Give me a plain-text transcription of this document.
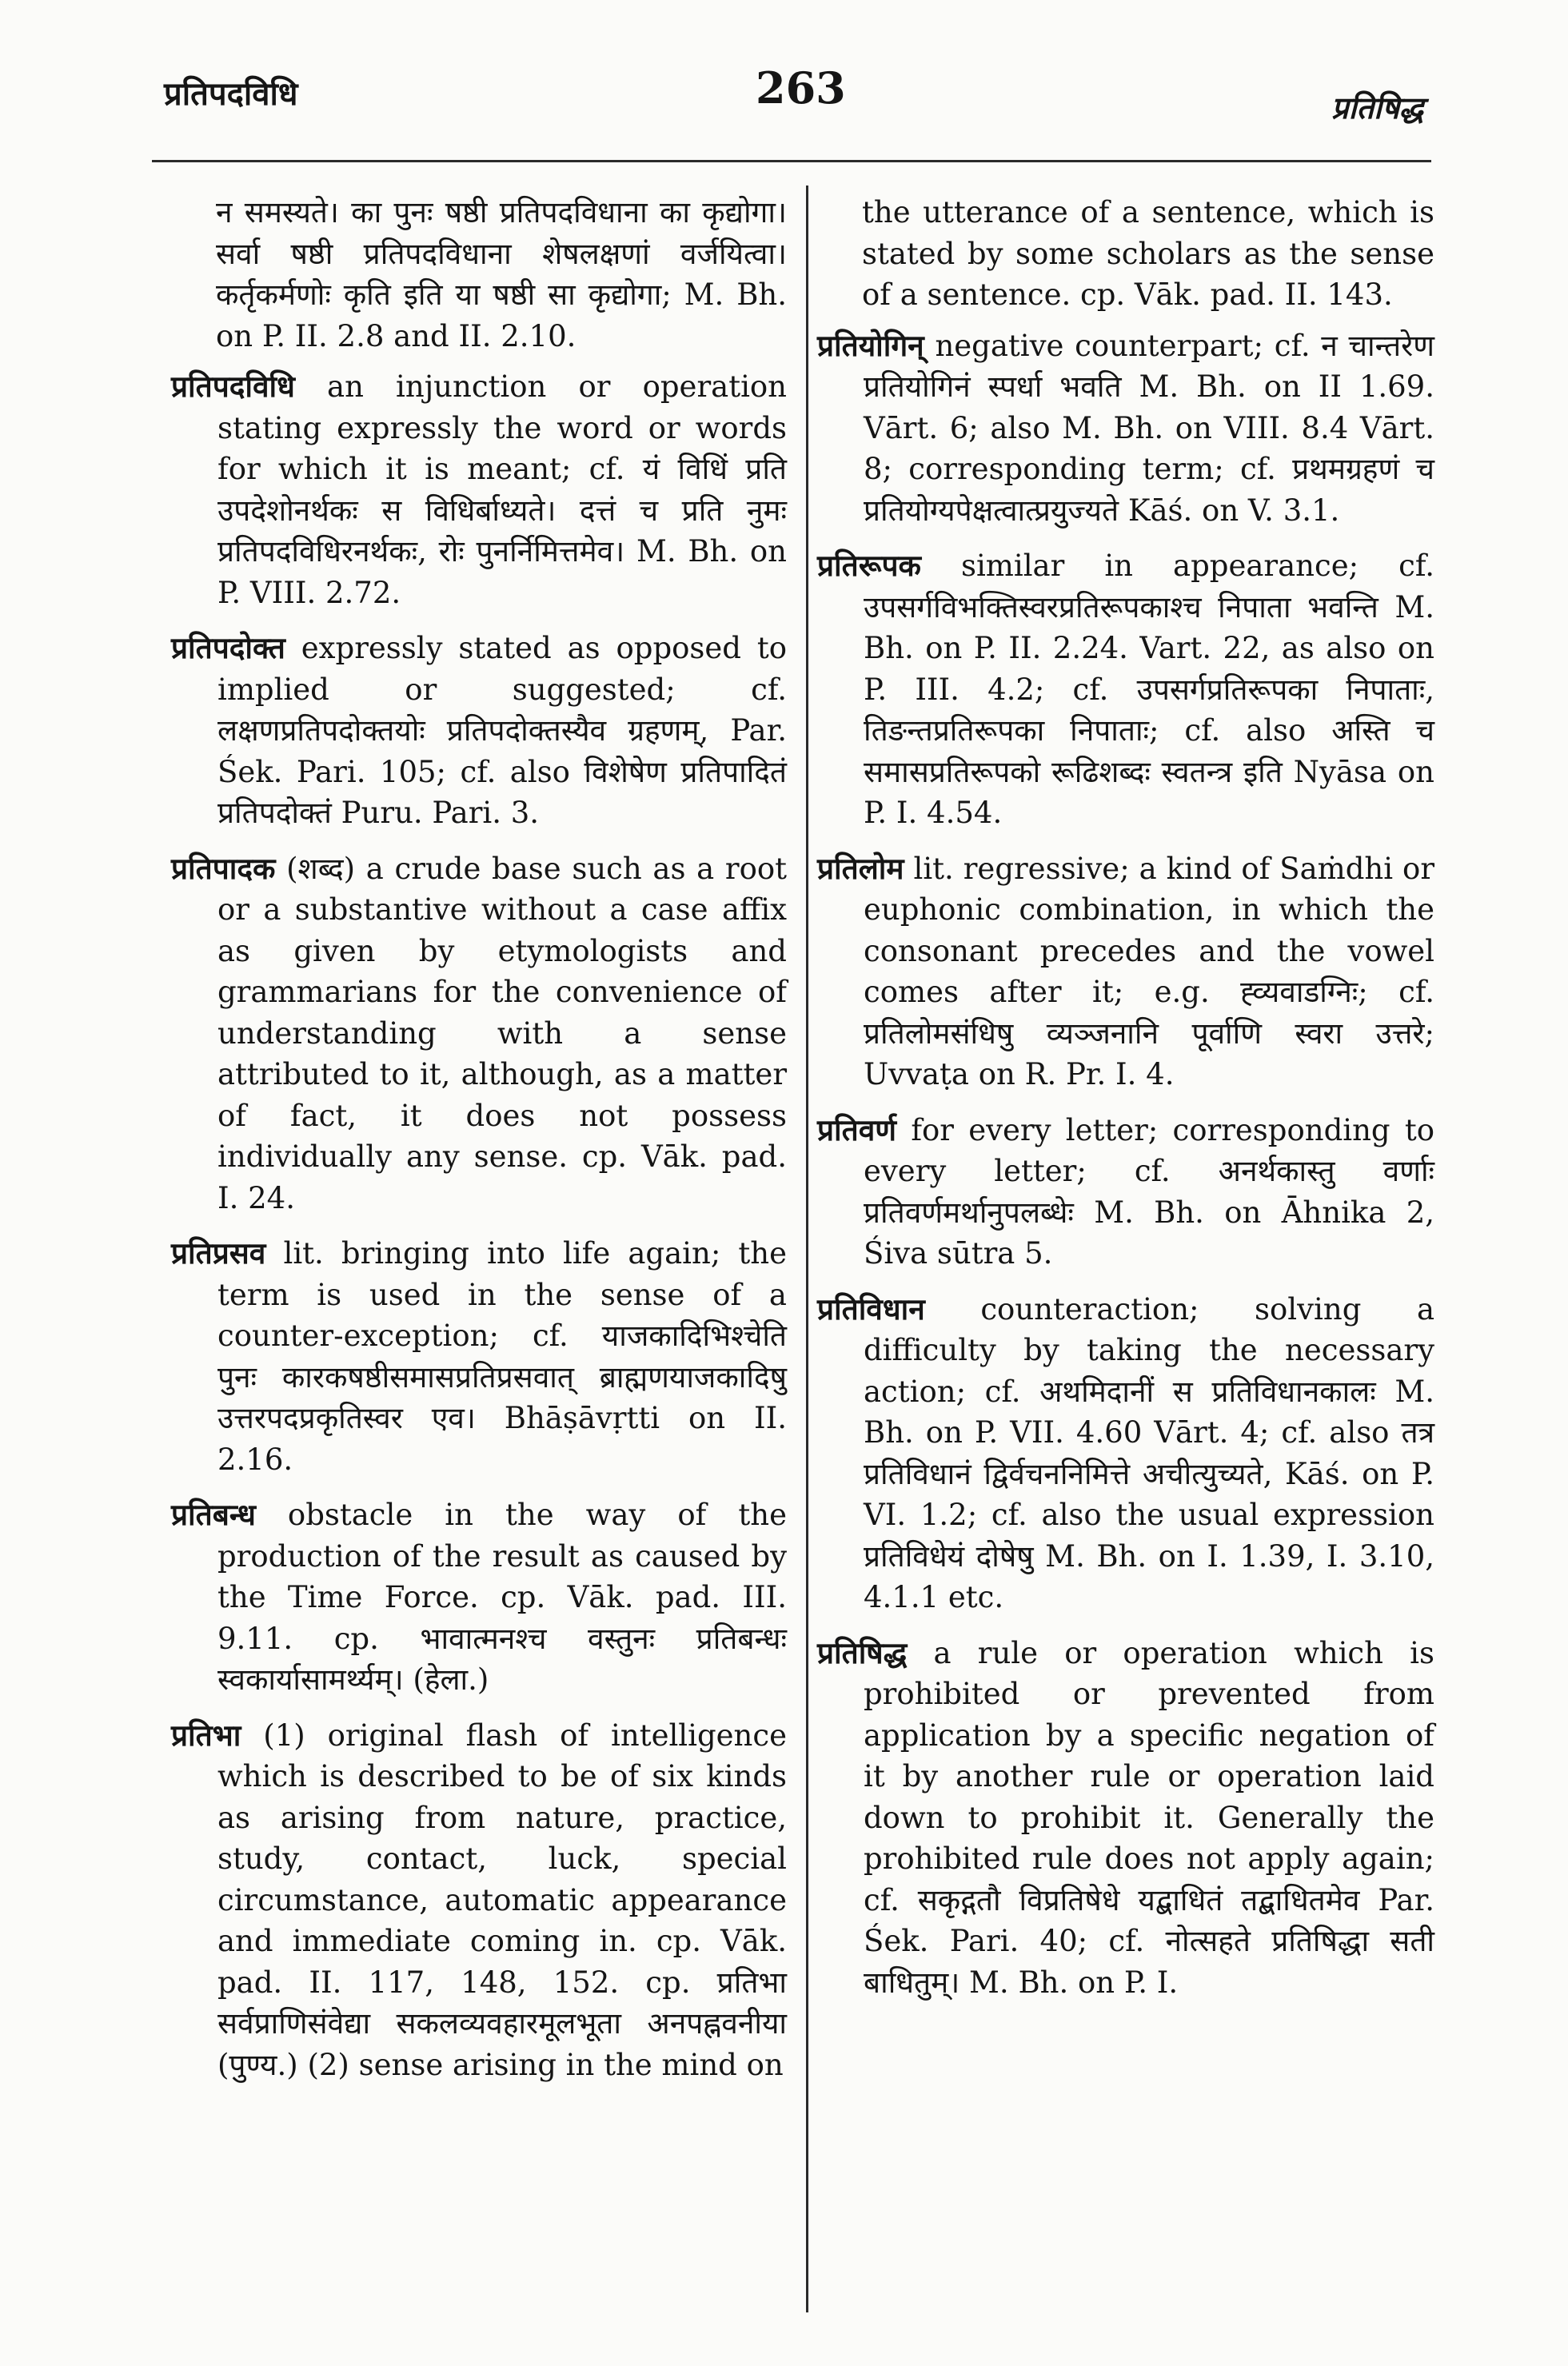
प्रतिपदविधि	263	प्रतिषिद्ध

न समस्यते। का पुनः षष्ठी प्रतिपदविधाना का कृद्योगा। सर्वा षष्ठी प्रतिपदविधाना शेषलक्षणां वर्जयित्वा। कर्तृकर्मणोः कृति इति या षष्ठी सा कृद्योगा; M. Bh. on P. II. 2.8 and II. 2.10.

प्रतिपदविधि an injunction or operation stating expressly the word or words for which it is meant; cf. यं विधिं प्रति उपदेशोनर्थकः स विधिर्बाध्यते। दत्तं च प्रति नुमः प्रतिपदविधिरनर्थकः, रोः पुनर्निमित्तमेव। M. Bh. on P. VIII. 2.72.

प्रतिपदोक्त expressly stated as opposed to implied or suggested; cf. लक्षणप्रतिपदोक्तयोः प्रतिपदोक्तस्यैव ग्रहणम्, Par. Śek. Pari. 105; cf. also विशेषेण प्रतिपादितं प्रतिपदोक्तं Puru. Pari. 3.

प्रतिपादक (शब्द) a crude base such as a root or a substantive without a case affix as given by etymologists and grammarians for the convenience of understanding with a sense attributed to it, although, as a matter of fact, it does not possess individually any sense. cp. Vāk. pad. I. 24.

प्रतिप्रसव lit. bringing into life again; the term is used in the sense of a counter-exception; cf. याजकादिभिश्चेति पुनः कारकषष्ठीसमासप्रतिप्रसवात् ब्राह्मणयाजकादिषु उत्तरपदप्रकृतिस्वर एव। Bhāṣāvṛtti on II. 2.16.

प्रतिबन्ध obstacle in the way of the production of the result as caused by the Time Force. cp. Vāk. pad. III. 9.11. cp. भावात्मनश्च वस्तुनः प्रतिबन्धः स्वकार्यासामर्थ्यम्। (हेला.)

प्रतिभा (1) original flash of intelligence which is described to be of six kinds as arising from nature, practice, study, contact, luck, special circumstance, automatic appearance and immediate coming in. cp. Vāk. pad. II. 117, 148, 152. cp. प्रतिभा सर्वप्राणिसंवेद्या सकलव्यवहारमूलभूता अनपह्नवनीया (पुण्य.) (2) sense arising in the mind on

the utterance of a sentence, which is stated by some scholars as the sense of a sentence. cp. Vāk. pad. II. 143.

प्रतियोगिन् negative counterpart; cf. न चान्तरेण प्रतियोगिनं स्पर्धा भवति M. Bh. on II 1.69. Vārt. 6; also M. Bh. on VIII. 8.4 Vārt. 8; corresponding term; cf. प्रथमग्रहणं च प्रतियोग्यपेक्षत्वात्प्रयुज्यते Kāś. on V. 3.1.

प्रतिरूपक similar in appearance; cf. उपसर्गविभक्तिस्वरप्रतिरूपकाश्च निपाता भवन्ति M. Bh. on P. II. 2.24. Vart. 22, as also on P. III. 4.2; cf. उपसर्गप्रतिरूपका निपाताः, तिङन्तप्रतिरूपका निपाताः; cf. also अस्ति च समासप्रतिरूपको रूढिशब्दः स्वतन्त्र इति Nyāsa on P. I. 4.54.

प्रतिलोम lit. regressive; a kind of Saṁdhi or euphonic combination, in which the consonant precedes and the vowel comes after it; e.g. ह्व्यवाडग्निः; cf. प्रतिलोमसंधिषु व्यञ्जनानि पूर्वाणि स्वरा उत्तरे; Uvvaṭa on R. Pr. I. 4.

प्रतिवर्ण for every letter; corresponding to every letter; cf. अनर्थकास्तु वर्णाः प्रतिवर्णमर्थानुपलब्धेः M. Bh. on Āhnika 2, Śiva sūtra 5.

प्रतिविधान counteraction; solving a difficulty by taking the necessary action; cf. अथमिदानीं स प्रतिविधानकालः M. Bh. on P. VII. 4.60 Vārt. 4; cf. also तत्र प्रतिविधानं द्विर्वचननिमित्ते अचीत्युच्यते, Kāś. on P. VI. 1.2; cf. also the usual expression प्रतिविधेयं दोषेषु M. Bh. on I. 1.39, I. 3.10, 4.1.1 etc.

प्रतिषिद्ध a rule or operation which is prohibited or prevented from application by a specific negation of it by another rule or operation laid down to prohibit it. Generally the prohibited rule does not apply again; cf. सकृद्गतौ विप्रतिषेधे यद्बाधितं तद्बाधितमेव Par. Śek. Pari. 40; cf. नोत्सहते प्रतिषिद्धा सती बाधितुम्। M. Bh. on P. I.
